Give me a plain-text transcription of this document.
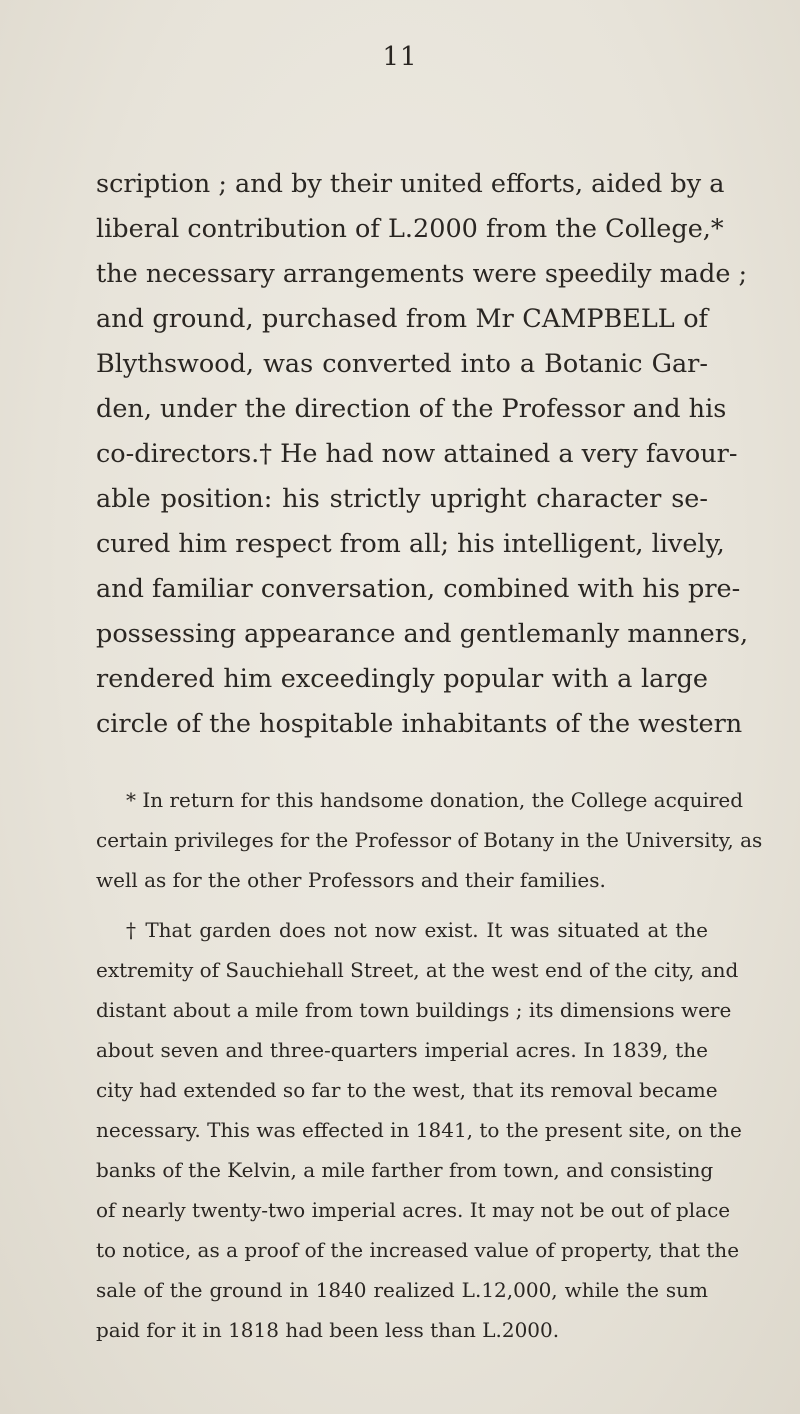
11
scription ; and by their united efforts, aided by a
liberal contribution of L.2000 from the College,*
the necessary arrangements were speedily made ;
and ground, purchased from Mr CAMPBELL of
Blythswood, was converted into a Botanic Gar-
den, under the direction of the Professor and his
co-directors.† He had now attained a very favour-
able position: his strictly upright character se-
cured him respect from all; his intelligent, lively,
and familiar conversation, combined with his pre-
possessing appearance and gentlemanly manners,
rendered him exceedingly popular with a large
circle of the hospitable inhabitants of the western
* In return for this handsome donation, the College acquired
certain privileges for the Professor of Botany in the University, as
well as for the other Professors and their families.
† That garden does not now exist. It was situated at the
extremity of Sauchiehall Street, at the west end of the city, and
distant about a mile from town buildings ; its dimensions were
about seven and three-quarters imperial acres. In 1839, the
city had extended so far to the west, that its removal became
necessary. This was effected in 1841, to the present site, on the
banks of the Kelvin, a mile farther from town, and consisting
of nearly twenty-two imperial acres. It may not be out of place
to notice, as a proof of the increased value of property, that the
sale of the ground in 1840 realized L.12,000, while the sum
paid for it in 1818 had been less than L.2000.
